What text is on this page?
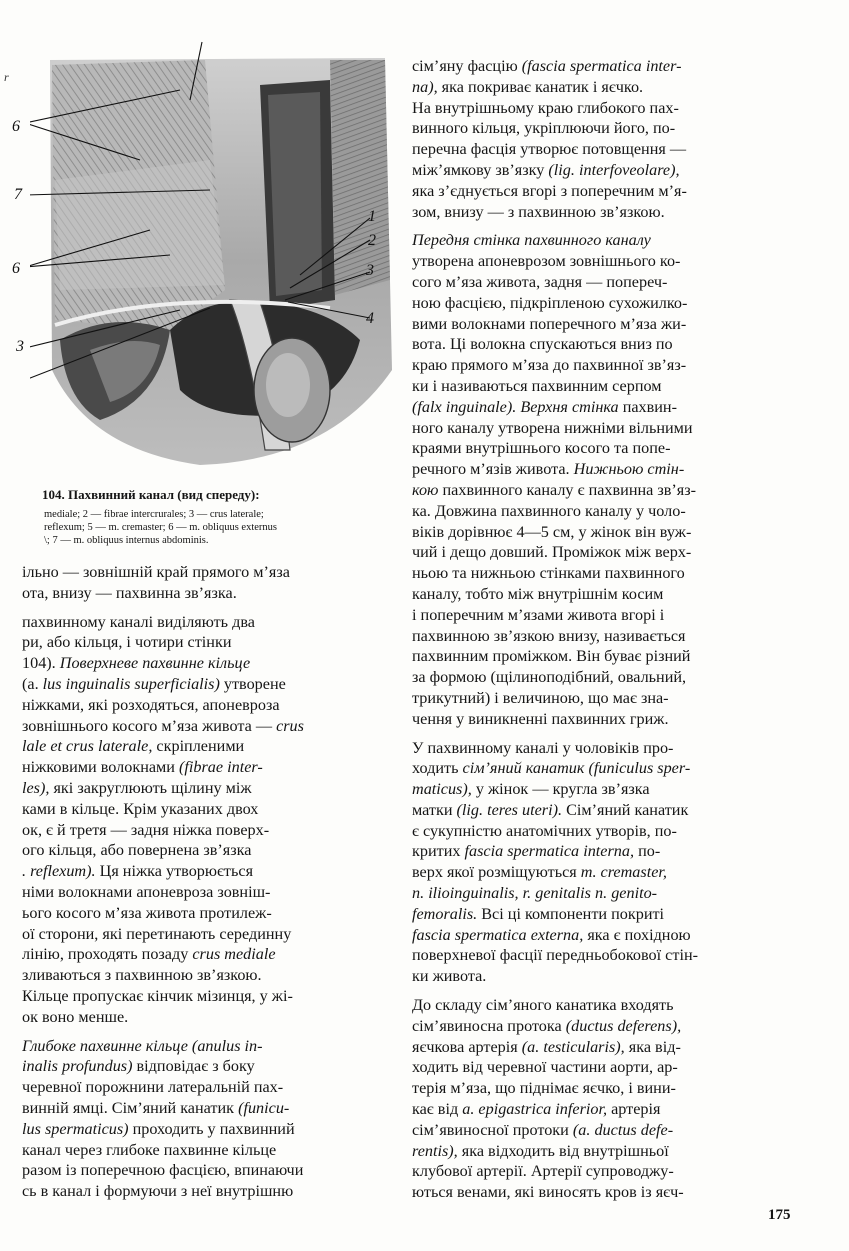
r
6
7
6
3
1
2
3
4
104. Пахвинний канал (вид спереду):
mediale; 2 — fibrae intercrurales; 3 — crus laterale;
reflexum; 5 — m. cremaster; 6 — m. obliquus externus
\; 7 — m. obliquus internus abdominis.

ільно — зовнішній край прямого м’яза
ота, внизу — пахвинна зв’язка.

пахвинному каналі виділяють два
ри, або кільця, і чотири стінки
104). Поверхневе пахвинне кільце
(а. lus inguinalis superficialis) утворене
ніжками, які розходяться, апоневроза
зовнішнього косого м’яза живота — crus
lale et crus laterale, скріпленими
ніжковими волокнами (fibrae inter-
les), які закруглюють щілину між
ками в кільце. Крім указаних двох
ок, є й третя — задня ніжка поверх-
ого кільця, або повернена зв’язка
. reflexum). Ця ніжка утворюється
німи волокнами апоневроза зовніш-
ього косого м’яза живота протилеж-
ої сторони, які перетинають серединну
лінію, проходять позаду crus mediale
зливаються з пахвинною зв’язкою.
Кільце пропускає кінчик мізинця, у жі-
ок воно менше.

Глибоке пахвинне кільце (anulus in-
inalis profundus) відповідає з боку
черевної порожнини латеральній пах-
винній ямці. Сім’яний канатик (funicu-
lus spermaticus) проходить у пахвинний
канал через глибоке пахвинне кільце
разом із поперечною фасцією, впинаючи
сь в канал і формуючи з неї внутрішню

сім’яну фасцію (fascia spermatica inter-
na), яка покриває канатик і яєчко.
На внутрішньому краю глибокого пах-
винного кільця, укріплюючи його, по-
перечна фасція утворює потовщення —
між’ямкову зв’язку (lig. interfoveolare),
яка з’єднується вгорі з поперечним м’я-
зом, внизу — з пахвинною зв’язкою.

Передня стінка пахвинного каналу
утворена апоневрозом зовнішнього ко-
сого м’яза живота, задня — попереч-
ною фасцією, підкріпленою сухожилко-
вими волокнами поперечного м’яза жи-
вота. Ці волокна спускаються вниз по
краю прямого м’яза до пахвинної зв’яз-
ки і називаються пахвинним серпом
(falx inguinale). Верхня стінка пахвин-
ного каналу утворена нижніми вільними
краями внутрішнього косого та попе-
речного м’язів живота. Нижньою стін-
кою пахвинного каналу є пахвинна зв’яз-
ка. Довжина пахвинного каналу у чоло-
віків дорівнює 4—5 см, у жінок він вуж-
чий і дещо довший. Проміжок між верх-
ньою та нижньою стінками пахвинного
каналу, тобто між внутрішнім косим
і поперечним м’язами живота вгорі і
пахвинною зв’язкою внизу, називається
пахвинним проміжком. Він буває різний
за формою (щілиноподібний, овальний,
трикутний) і величиною, що має зна-
чення у виникненні пахвинних гриж.

У пахвинному каналі у чоловіків про-
ходить сім’яний канатик (funiculus sper-
maticus), у жінок — кругла зв’язка
матки (lig. teres uteri). Сім’яний канатик
є сукупністю анатомічних утворів, по-
критих fascia spermatica interna, по-
верх якої розміщуються m. cremaster,
n. ilioinguinalis, r. genitalis n. genito-
femoralis. Всі ці компоненти покриті
fascia spermatica externa, яка є похідною
поверхневої фасції передньобокової стін-
ки живота.

До складу сім’яного канатика входять
сім’явиносна протока (ductus deferens),
яєчкова артерія (a. testicularis), яка від-
ходить від черевної частини аорти, ар-
терія м’яза, що піднімає яєчко, і вини-
кає від a. epigastrica inferior, артерія
сім’явиносної протоки (a. ductus defe-
rentis), яка відходить від внутрішньої
клубової артерії. Артерії супроводжу-
ються венами, які виносять кров із яєч-

175
